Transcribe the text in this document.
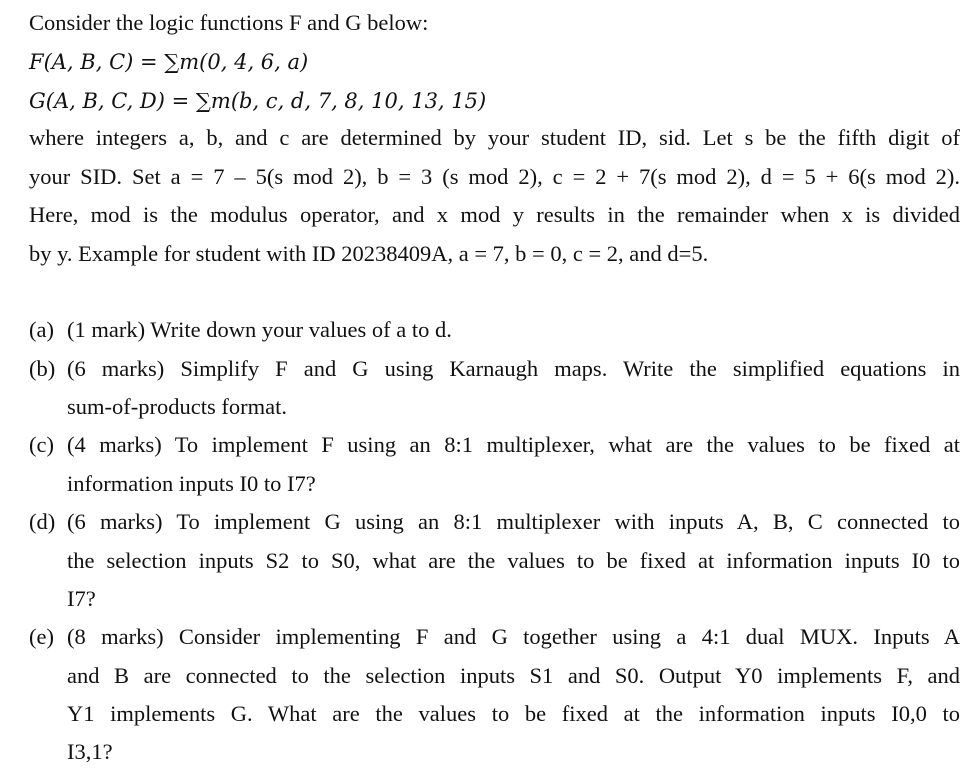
Consider the logic functions F and G below:
F(A, B, C) = ∑m(0, 4, 6, a)
G(A, B, C, D) = ∑m(b, c, d, 7, 8, 10, 13, 15)
where integers a, b, and c are determined by your student ID, sid. Let s be the fifth digit of
your SID. Set a = 7 – 5(s mod 2), b = 3 (s mod 2), c = 2 + 7(s mod 2), d = 5 + 6(s mod 2).
Here, mod is the modulus operator, and x mod y results in the remainder when x is divided
by y. Example for student with ID 20238409A, a = 7, b = 0, c = 2, and d=5.
(a) (1 mark) Write down your values of a to d.
(b) (6 marks) Simplify F and G using Karnaugh maps. Write the simplified equations in
sum-of-products format.
(c) (4 marks) To implement F using an 8:1 multiplexer, what are the values to be fixed at
information inputs I0 to I7?
(d) (6 marks) To implement G using an 8:1 multiplexer with inputs A, B, C connected to
the selection inputs S2 to S0, what are the values to be fixed at information inputs I0 to
I7?
(e) (8 marks) Consider implementing F and G together using a 4:1 dual MUX. Inputs A
and B are connected to the selection inputs S1 and S0. Output Y0 implements F, and
Y1 implements G. What are the values to be fixed at the information inputs I0,0 to
I3,1?
